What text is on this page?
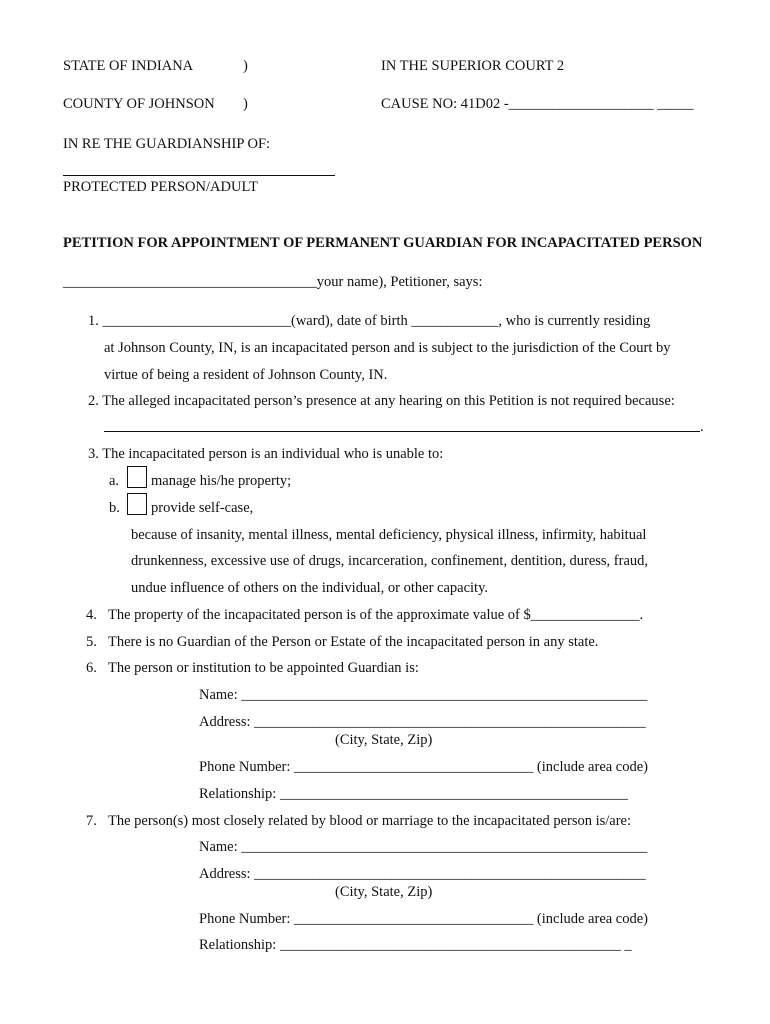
STATE OF INDIANA	)	IN THE SUPERIOR COURT 2
COUNTY OF JOHNSON )	CAUSE NO: 41D02 -____________________ _____
IN RE THE GUARDIANSHIP OF:
PROTECTED PERSON/ADULT
PETITION FOR APPOINTMENT OF PERMANENT GUARDIAN FOR INCAPACITATED PERSON
___________________________________your name), Petitioner, says:
1. __________________________(ward), date of birth ____________, who is currently residing
at Johnson County, IN, is an incapacitated person and is subject to the jurisdiction of the Court by
virtue of being a resident of Johnson County, IN.
2. The alleged incapacitated person’s presence at any hearing on this Petition is not required because:
.
3. The incapacitated person is an individual who is unable to:
a. manage his/he property;
b. provide self-case,
because of insanity, mental illness, mental deficiency, physical illness, infirmity, habitual
drunkenness, excessive use of drugs, incarceration, confinement, dentition, duress, fraud,
undue influence of others on the individual, or other capacity.
4. The property of the incapacitated person is of the approximate value of $_______________.
5. There is no Guardian of the Person or Estate of the incapacitated person in any state.
6. The person or institution to be appointed Guardian is:
Name: ________________________________________________________
Address: ______________________________________________________
(City, State, Zip)
Phone Number: _________________________________ (include area code)
Relationship: ________________________________________________
7. The person(s) most closely related by blood or marriage to the incapacitated person is/are:
Name: ________________________________________________________
Address: ______________________________________________________
(City, State, Zip)
Phone Number: _________________________________ (include area code)
Relationship: _______________________________________________ _
